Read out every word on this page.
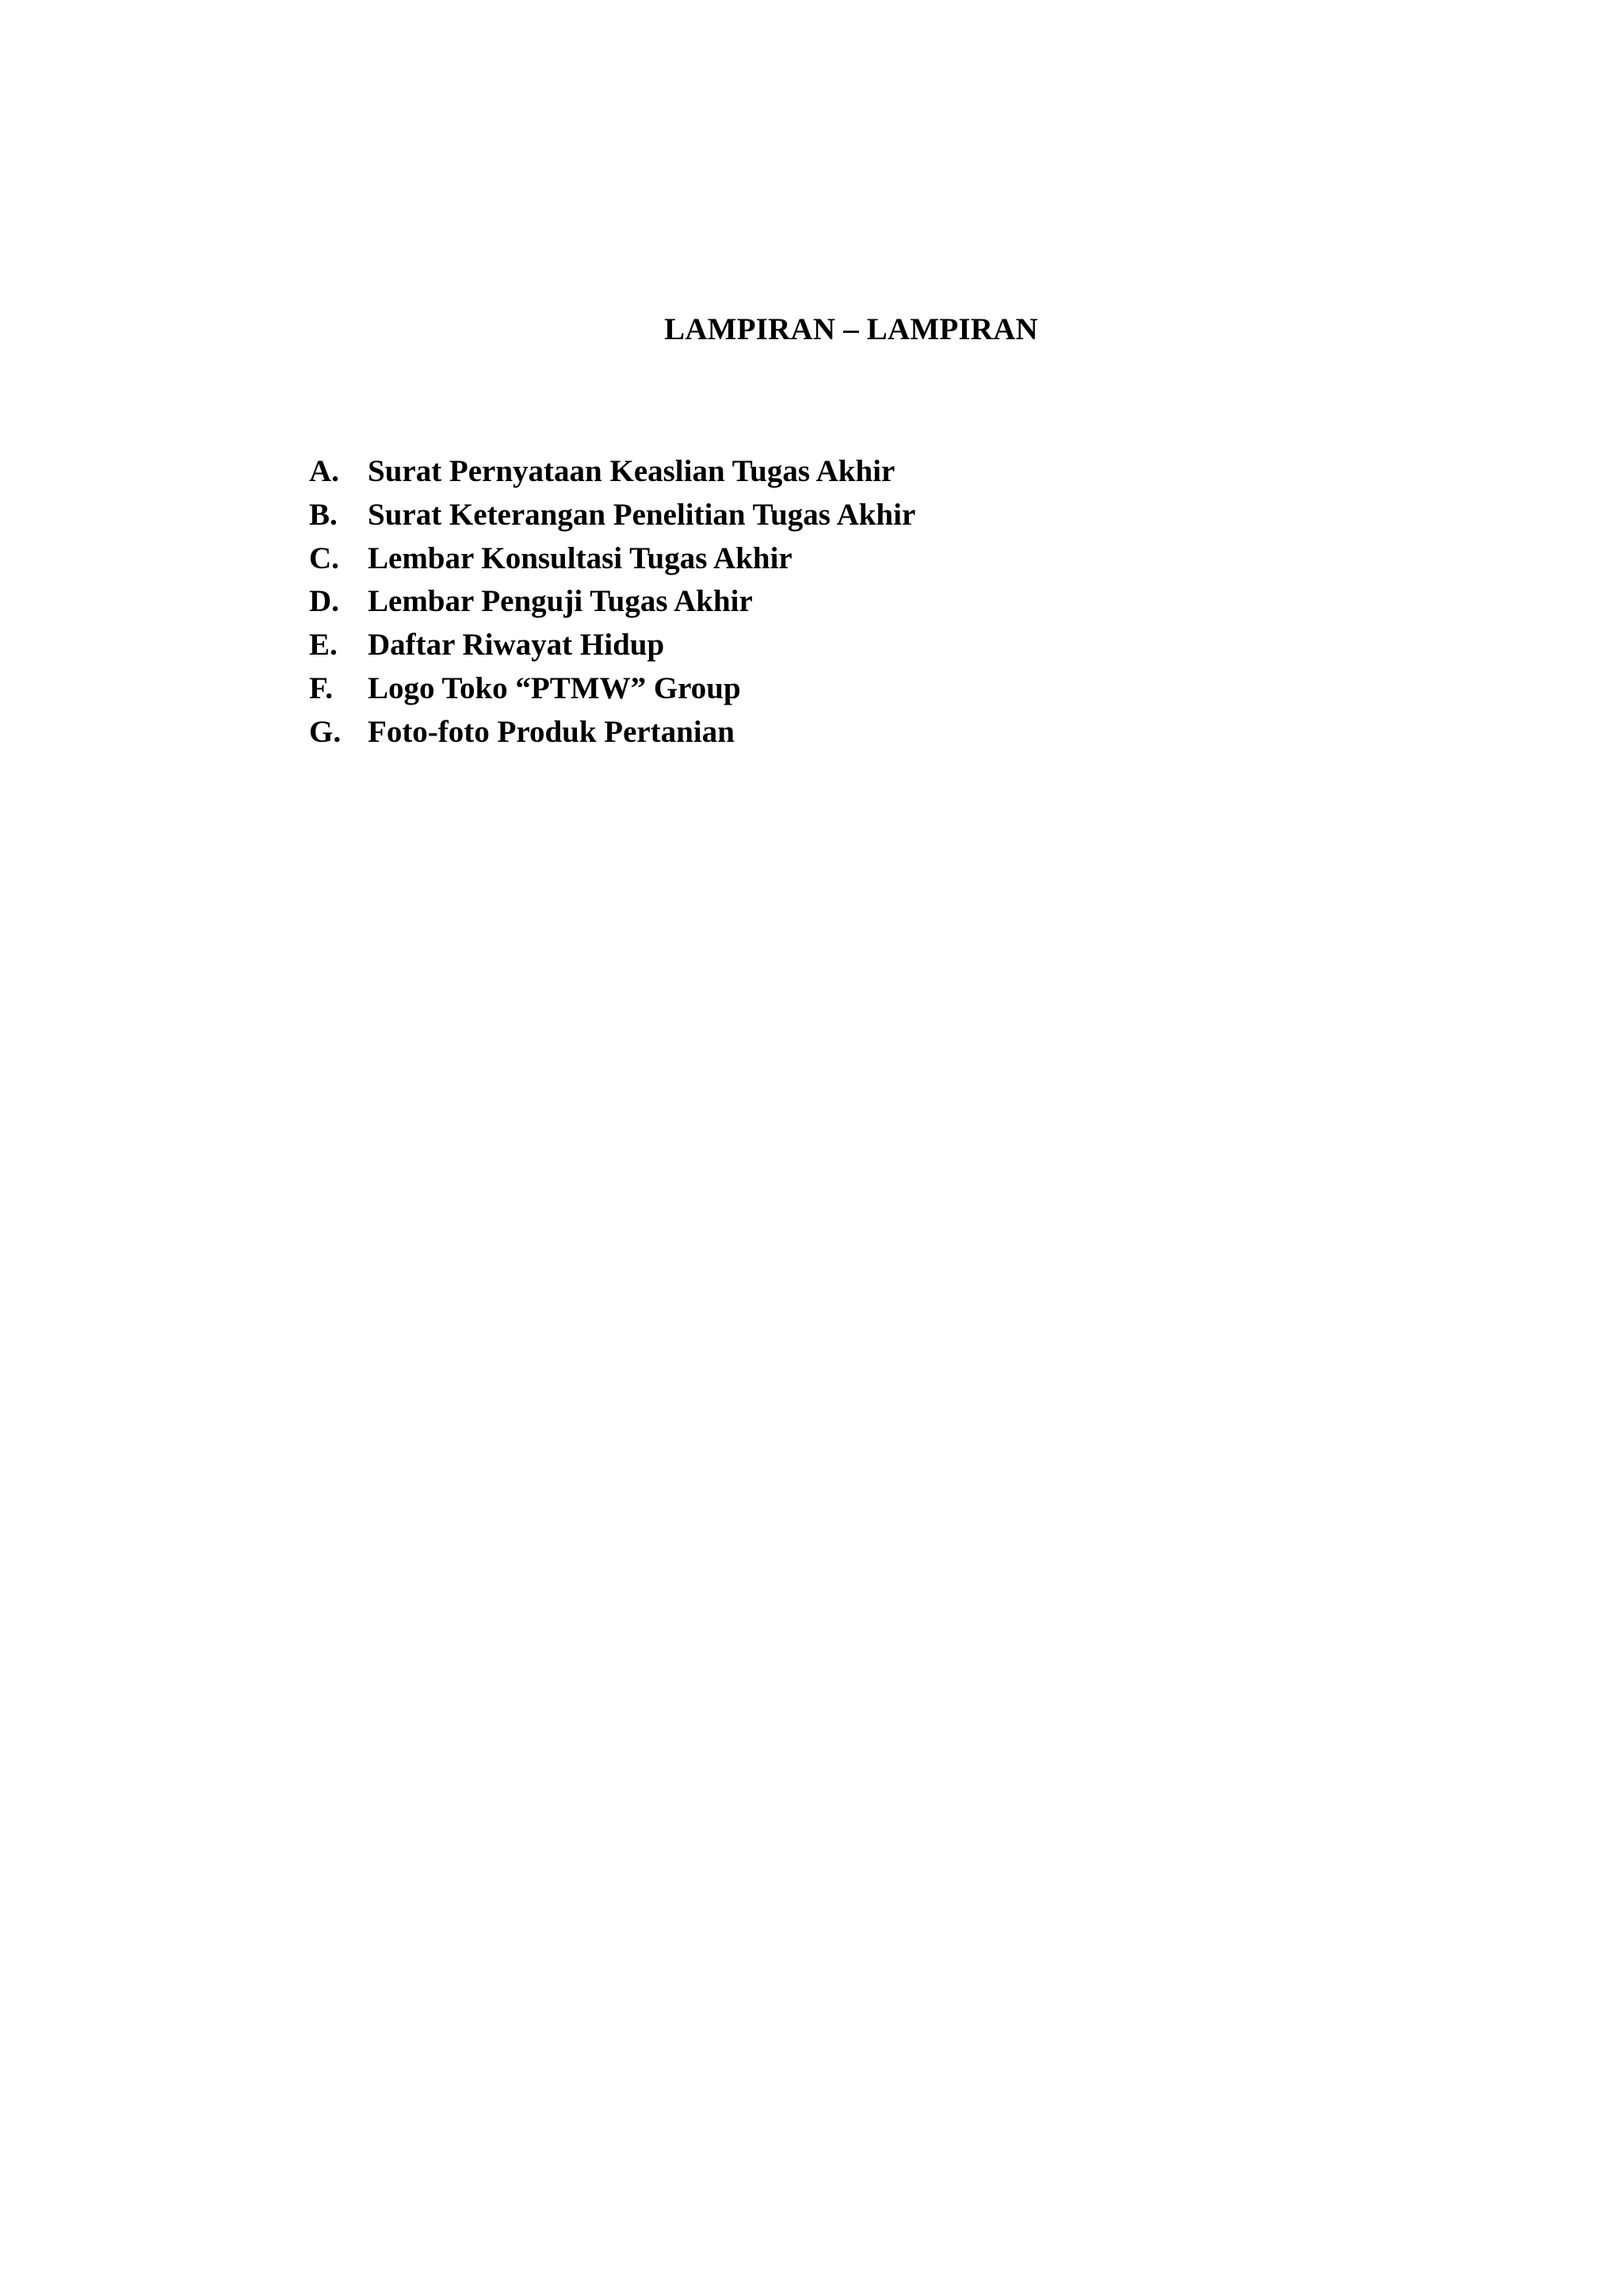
LAMPIRAN – LAMPIRAN
A. Surat Pernyataan Keaslian Tugas Akhir
B. Surat Keterangan Penelitian Tugas Akhir
C. Lembar Konsultasi Tugas Akhir
D. Lembar Penguji Tugas Akhir
E. Daftar Riwayat Hidup
F.	Logo Toko “PTMW” Group
G. Foto-foto Produk Pertanian
